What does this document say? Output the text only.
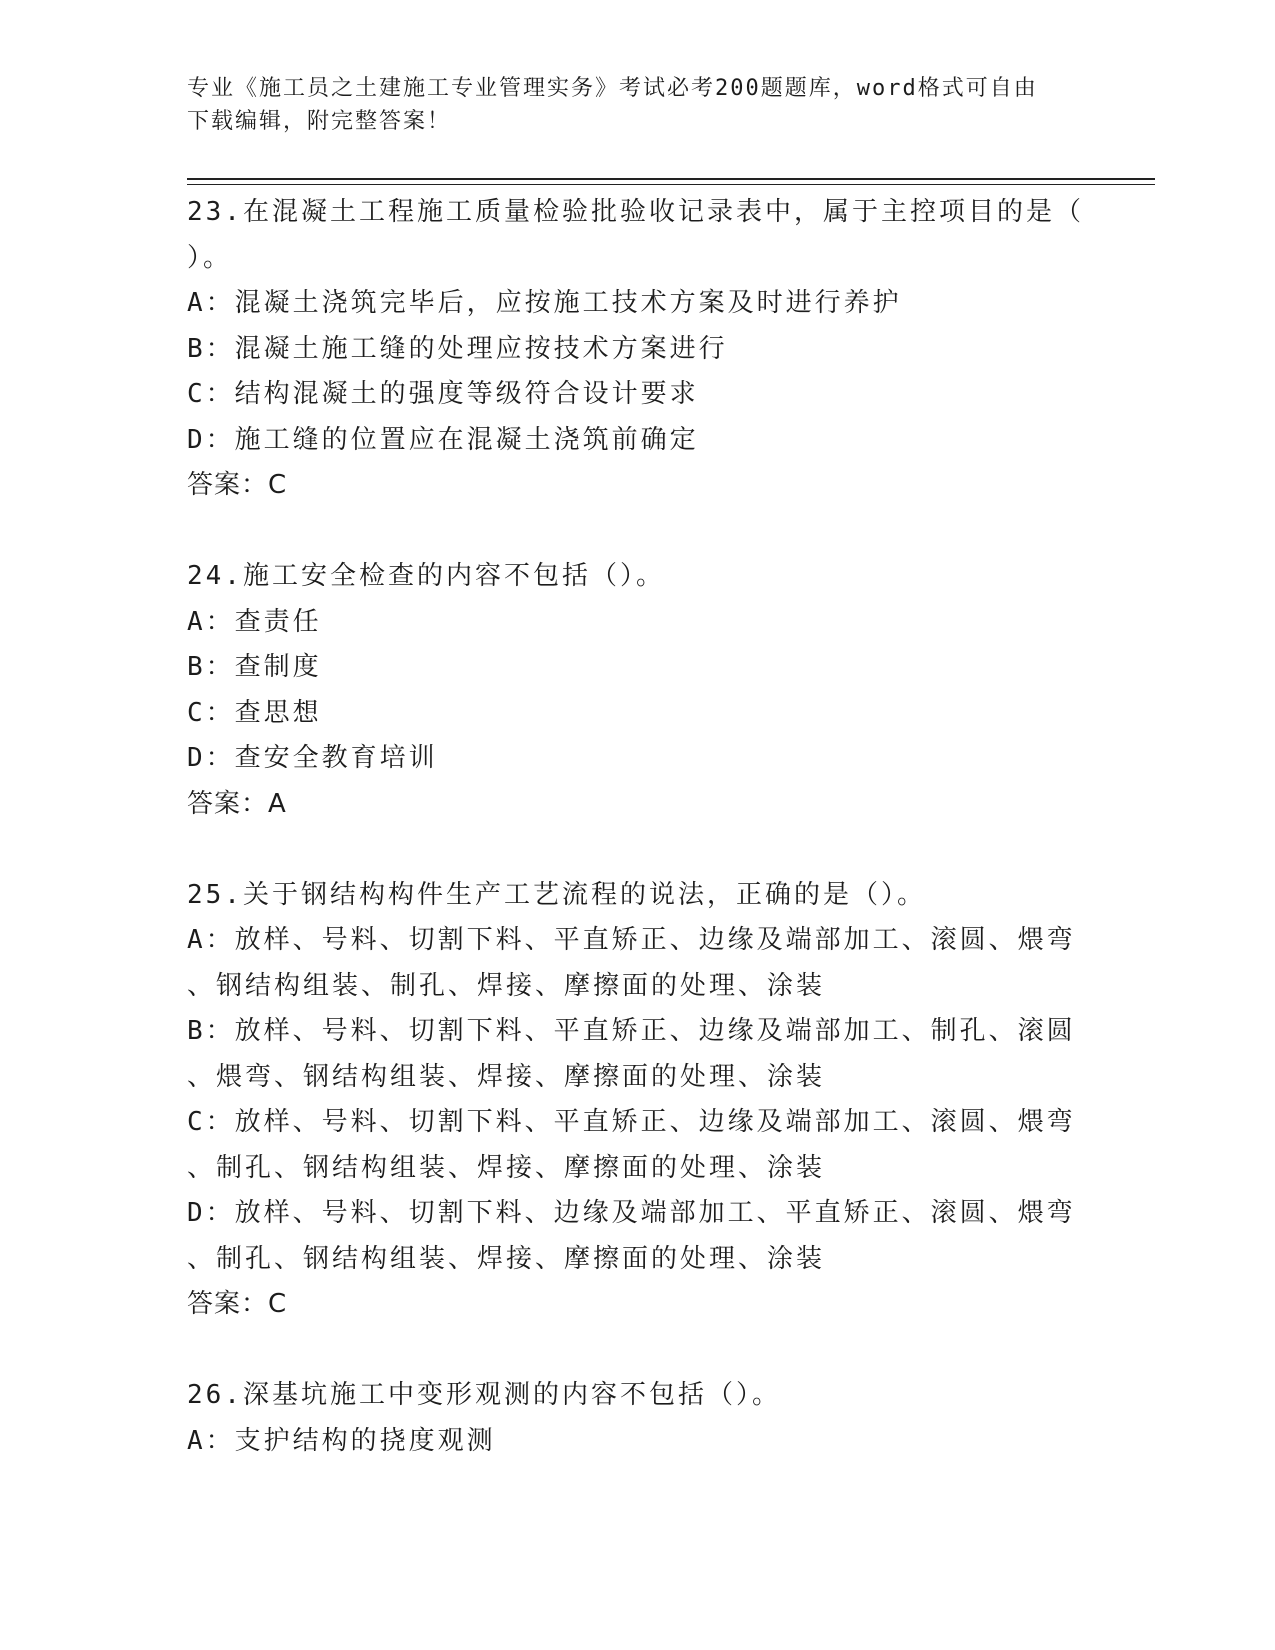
专业《施工员之土建施工专业管理实务》考试必考200题题库，word格式可自由
下载编辑，附完整答案！
23.在混凝土工程施工质量检验批验收记录表中，属于主控项目的是（
）。
A：混凝土浇筑完毕后，应按施工技术方案及时进行养护
B：混凝土施工缝的处理应按技术方案进行
C：结构混凝土的强度等级符合设计要求
D：施工缝的位置应在混凝土浇筑前确定
答案：C
24.施工安全检查的内容不包括（）。
A：查责任
B：查制度
C：查思想
D：查安全教育培训
答案：A
25.关于钢结构构件生产工艺流程的说法，正确的是（）。
A：放样、号料、切割下料、平直矫正、边缘及端部加工、滚圆、煨弯
、钢结构组装、制孔、焊接、摩擦面的处理、涂装
B：放样、号料、切割下料、平直矫正、边缘及端部加工、制孔、滚圆
、煨弯、钢结构组装、焊接、摩擦面的处理、涂装
C：放样、号料、切割下料、平直矫正、边缘及端部加工、滚圆、煨弯
、制孔、钢结构组装、焊接、摩擦面的处理、涂装
D：放样、号料、切割下料、边缘及端部加工、平直矫正、滚圆、煨弯
、制孔、钢结构组装、焊接、摩擦面的处理、涂装
答案：C
26.深基坑施工中变形观测的内容不包括（）。
A：支护结构的挠度观测
